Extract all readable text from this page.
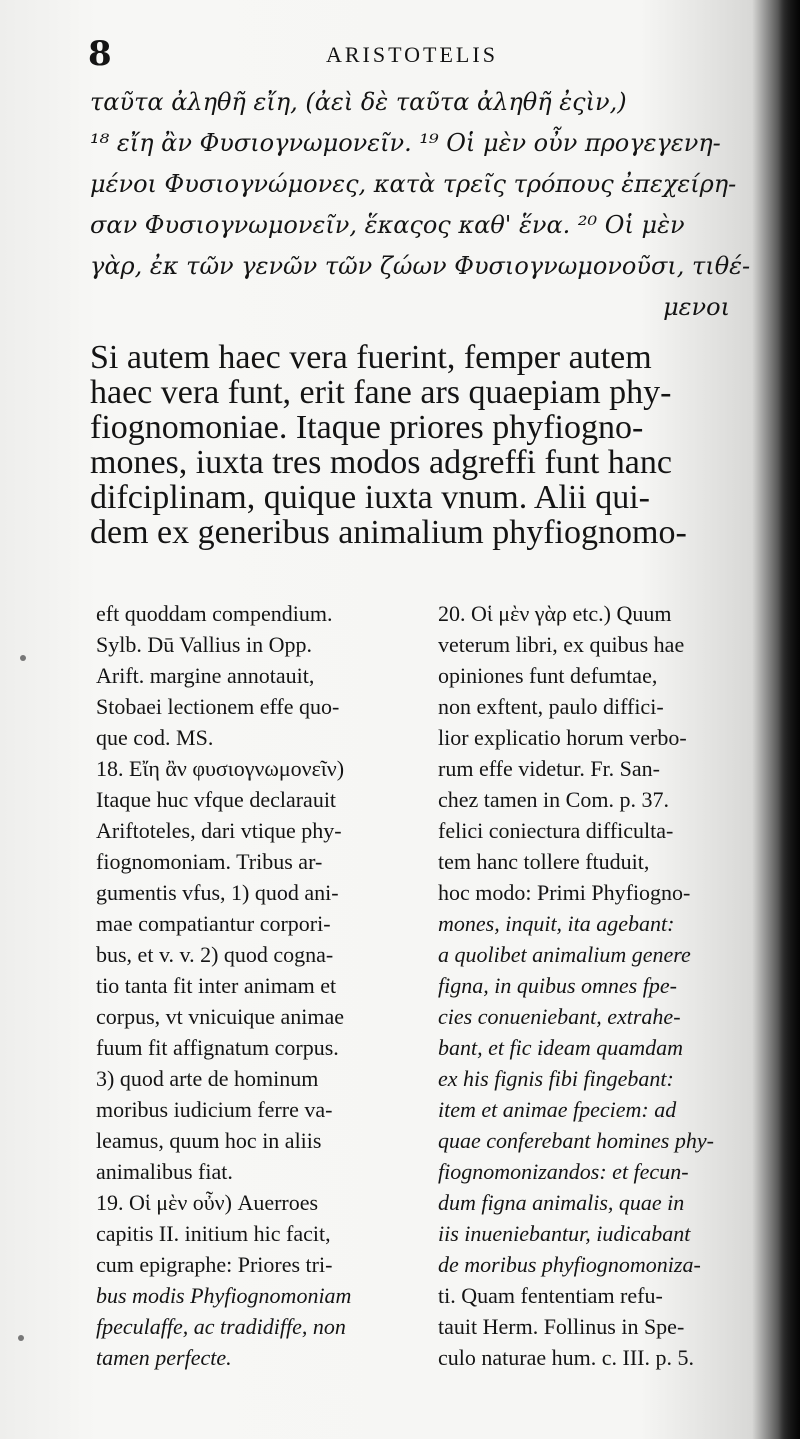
8	ARISTOTELIS
ταῦτα ἀληθῆ εἴη, (ἀεὶ δὲ ταῦτα ἀληθῆ ἐςὶν,)
¹⁸ εἴη ἂν Φυσιογνωμονεῖν. ¹⁹ Οἱ μὲν οὖν προγεγενη-
μένοι Φυσιογνώμονες, κατὰ τρεῖς τρόπους ἐπεχείρη-
σαν Φυσιογνωμονεῖν, ἕκαςος καθ' ἕνα. ²⁰ Οἱ μὲν
γὰρ, ἐκ τῶν γενῶν τῶν ζώων Φυσιογνωμονοῦσι, τιθέ-
μενοι
Si autem haec vera fuerint, femper autem
haec vera funt, erit fane ars quaepiam phy-
fiognomoniae. Itaque priores phyfiogno-
mones, iuxta tres modos adgreffi funt hanc
difciplinam, quique iuxta vnum. Alii qui-
dem ex generibus animalium phyfiognomo-
eft quoddam compendium.
Sylb. Dū Vallius in Opp.
Arift. margine annotauit,
Stobaei lectionem effe quo-
que cod. MS.
18. Εἴη ἂν φυσιογνωμονεῖν)
Itaque huc vfque declarauit
Ariftoteles, dari vtique phy-
fiognomoniam. Tribus ar-
gumentis vfus, 1) quod ani-
mae compatiantur corpori-
bus, et v. v. 2) quod cogna-
tio tanta fit inter animam et
corpus, vt vnicuique animae
fuum fit affignatum corpus.
3) quod arte de hominum
moribus iudicium ferre va-
leamus, quum hoc in aliis
animalibus fiat.
19. Οἱ μὲν οὖν) Auerroes
capitis II. initium hic facit,
cum epigraphe: Priores tri-
bus modis Phyfiognomoniam
fpeculaffe, ac tradidiffe, non
tamen perfecte.
20. Οἱ μὲν γὰρ etc.) Quum
veterum libri, ex quibus hae
opiniones funt defumtae,
non exftent, paulo diffici-
lior explicatio horum verbo-
rum effe videtur. Fr. San-
chez tamen in Com. p. 37.
felici coniectura difficulta-
tem hanc tollere ftuduit,
hoc modo: Primi Phyfiogno-
mones, inquit, ita agebant:
a quolibet animalium genere
figna, in quibus omnes fpe-
cies conueniebant, extrahe-
bant, et fic ideam quamdam
ex his fignis fibi fingebant:
item et animae fpeciem: ad
quae conferebant homines phy-
fiognomonizandos: et fecun-
dum figna animalis, quae in
iis inueniebantur, iudicabant
de moribus phyfiognomoniza-
ti. Quam fententiam refu-
tauit Herm. Follinus in Spe-
culo naturae hum. c. III. p. 5.
